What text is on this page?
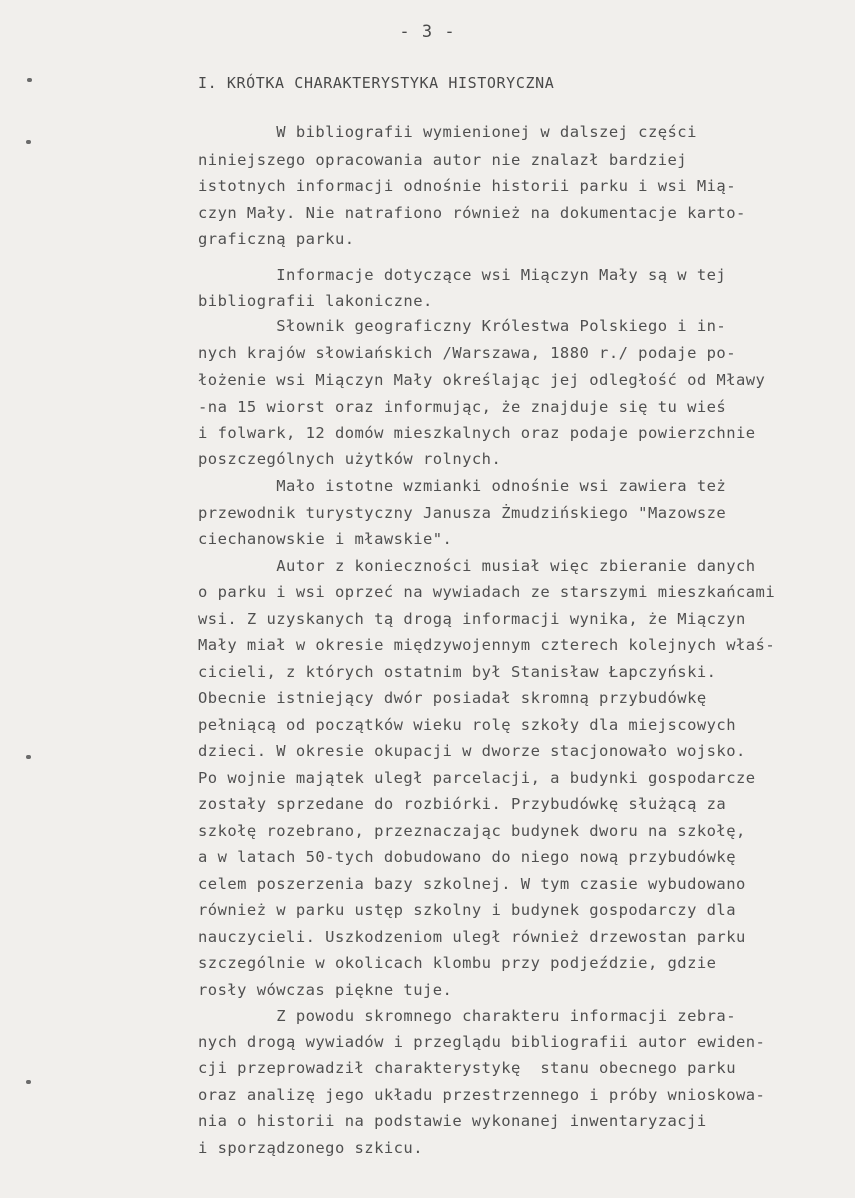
- 3 -
I. KRÓTKA CHARAKTERYSTYKA HISTORYCZNA
W bibliografii wymienionej w dalszej części
niniejszego opracowania autor nie znalazł bardziej
istotnych informacji odnośnie historii parku i wsi Mią-
czyn Mały. Nie natrafiono również na dokumentacje karto-
graficzną parku.
Informacje dotyczące wsi Miączyn Mały są w tej
bibliografii lakoniczne.
Słownik geograficzny Królestwa Polskiego i in-
nych krajów słowiańskich /Warszawa, 1880 r./ podaje po-
łożenie wsi Miączyn Mały określając jej odległość od Mławy
-na 15 wiorst oraz informując, że znajduje się tu wieś
i folwark, 12 domów mieszkalnych oraz podaje powierzchnie
poszczególnych użytków rolnych.
Mało istotne wzmianki odnośnie wsi zawiera też
przewodnik turystyczny Janusza Żmudzińskiego "Mazowsze
ciechanowskie i mławskie".
Autor z konieczności musiał więc zbieranie danych
o parku i wsi oprzeć na wywiadach ze starszymi mieszkańcami
wsi. Z uzyskanych tą drogą informacji wynika, że Miączyn
Mały miał w okresie międzywojennym czterech kolejnych właś-
cicieli, z których ostatnim był Stanisław Łapczyński.
Obecnie istniejący dwór posiadał skromną przybudówkę
pełniącą od początków wieku rolę szkoły dla miejscowych
dzieci. W okresie okupacji w dworze stacjonowało wojsko.
Po wojnie majątek uległ parcelacji, a budynki gospodarcze
zostały sprzedane do rozbiórki. Przybudówkę służącą za
szkołę rozebrano, przeznaczając budynek dworu na szkołę,
a w latach 50-tych dobudowano do niego nową przybudówkę
celem poszerzenia bazy szkolnej. W tym czasie wybudowano
również w parku ustęp szkolny i budynek gospodarczy dla
nauczycieli. Uszkodzeniom uległ również drzewostan parku
szczególnie w okolicach klombu przy podjeździe, gdzie
rosły wówczas piękne tuje.
Z powodu skromnego charakteru informacji zebra-
nych drogą wywiadów i przeglądu bibliografii autor ewiden-
cji przeprowadził charakterystykę  stanu obecnego parku
oraz analizę jego układu przestrzennego i próby wnioskowa-
nia o historii na podstawie wykonanej inwentaryzacji
i sporządzonego szkicu.
